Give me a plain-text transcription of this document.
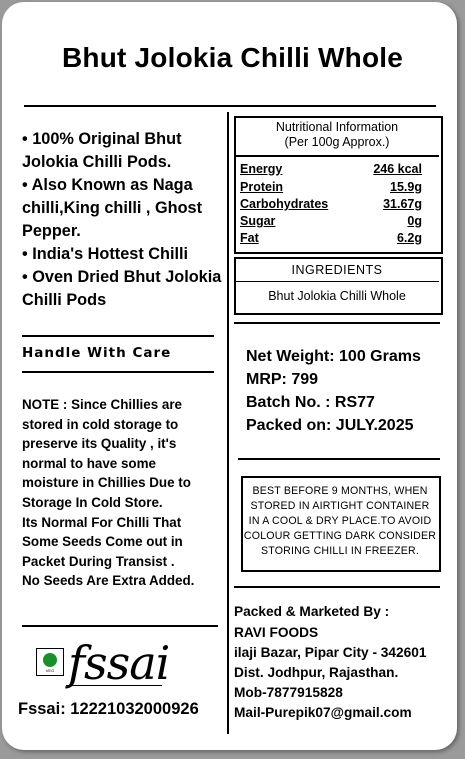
Bhut Jolokia Chilli Whole
• 100% Original Bhut Jolokia Chilli Pods.
• Also Known as Naga chilli,King chilli , Ghost Pepper.
• India's Hottest Chilli
• Oven Dried Bhut Jolokia Chilli Pods
Handle With Care
NOTE : Since Chillies are
stored in cold storage to
preserve its Quality , it's
normal to have some
moisture in Chillies Due to
Storage In Cold Store.
Its Normal For Chilli That
Some Seeds Come out in
Packet During Transist .
No Seeds Are Extra Added.
VEG fssai
Fssai: 12221032000926
Nutritional Information
(Per 100g Approx.)
Energy	246 kcal
Protein	15.9g
Carbohydrates	31.67g
Sugar	0g
Fat	6.2g
INGREDIENTS
Bhut Jolokia Chilli Whole
Net Weight: 100 Grams
MRP: 799
Batch No. : RS77
Packed on: JULY.2025
BEST BEFORE 9 MONTHS, WHEN
STORED IN AIRTIGHT CONTAINER
IN A COOL & DRY PLACE.TO AVOID
COLOUR GETTING DARK CONSIDER
STORING CHILLI IN FREEZER.
Packed & Marketed By :
RAVI FOODS
ilaji Bazar, Pipar City - 342601
Dist. Jodhpur, Rajasthan.
Mob-7877915828
Mail-Purepik07@gmail.com
